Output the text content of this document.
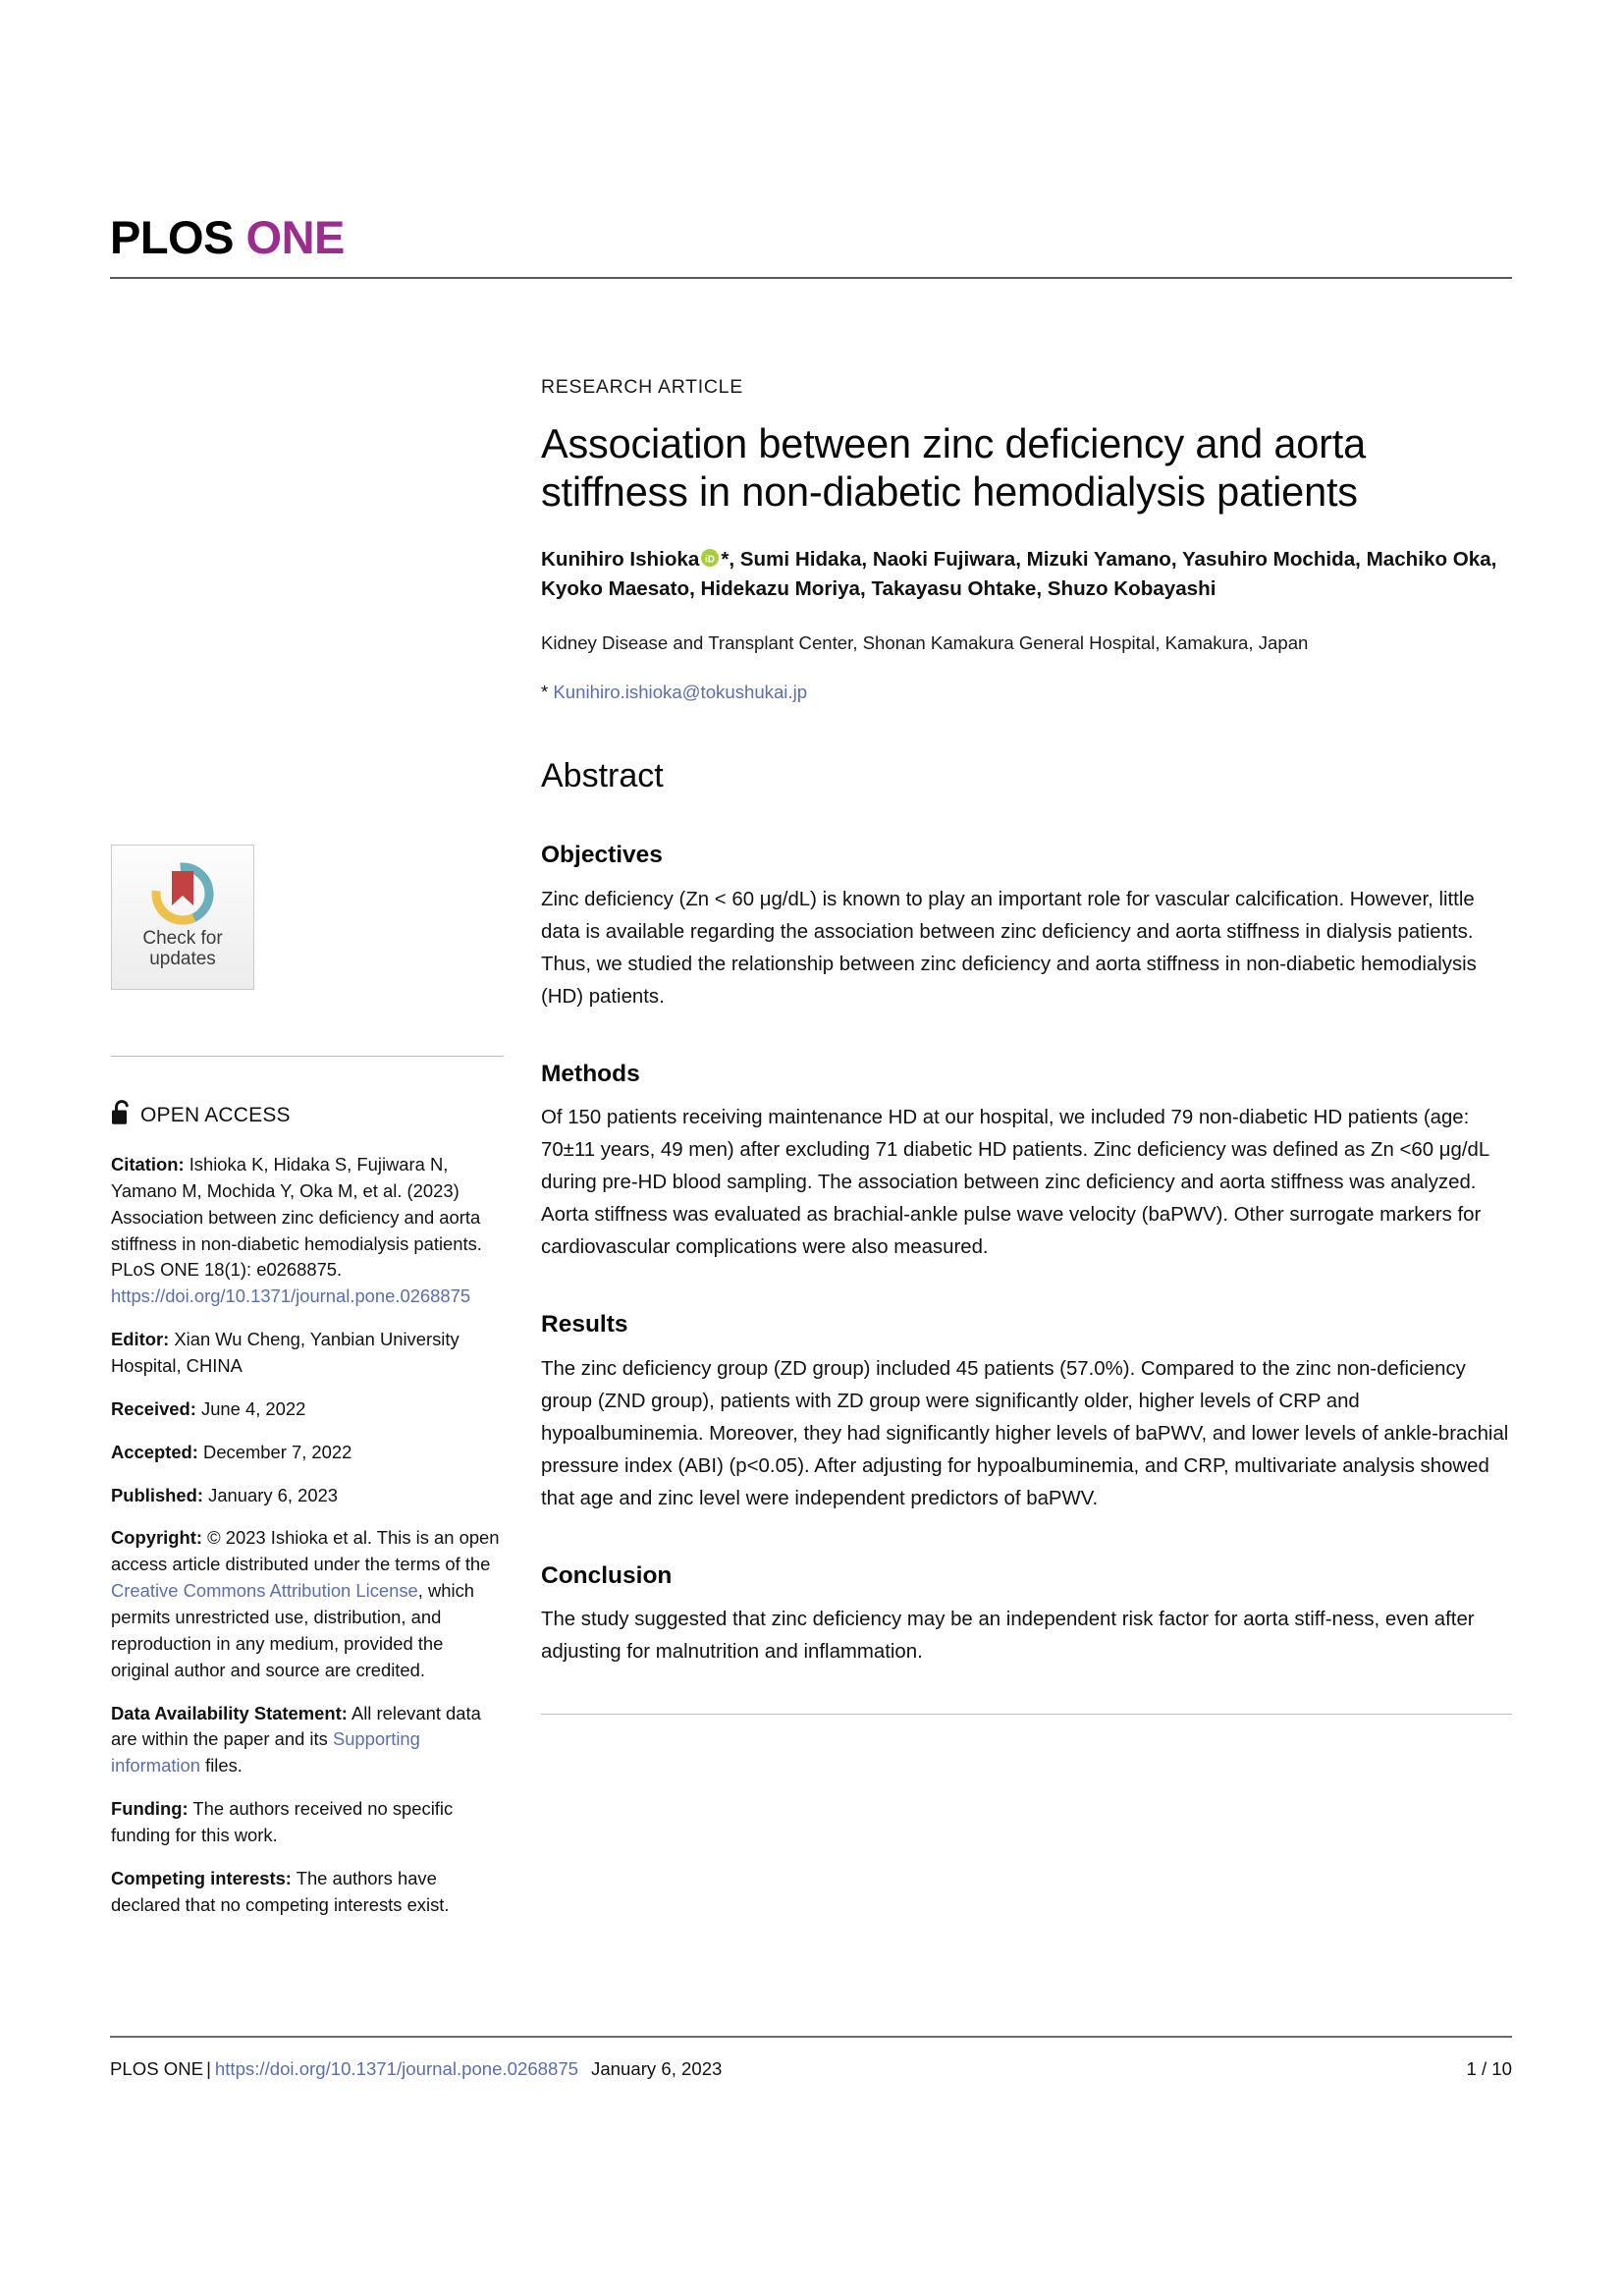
PLOS ONE
Check for
updates
OPEN ACCESS

Citation: Ishioka K, Hidaka S, Fujiwara N, Yamano M, Mochida Y, Oka M, et al. (2023) Association between zinc deficiency and aorta stiffness in non-diabetic hemodialysis patients. PLoS ONE 18(1): e0268875. https://doi.org/10.1371/journal.pone.0268875

Editor: Xian Wu Cheng, Yanbian University Hospital, CHINA

Received: June 4, 2022

Accepted: December 7, 2022

Published: January 6, 2023

Copyright: © 2023 Ishioka et al. This is an open access article distributed under the terms of the Creative Commons Attribution License, which permits unrestricted use, distribution, and reproduction in any medium, provided the original author and source are credited.

Data Availability Statement: All relevant data are within the paper and its Supporting information files.

Funding: The authors received no specific funding for this work.

Competing interests: The authors have declared that no competing interests exist.

RESEARCH ARTICLE
Association between zinc deficiency and aorta stiffness in non-diabetic hemodialysis patients
Kunihiro Ishioka iD *, Sumi Hidaka, Naoki Fujiwara, Mizuki Yamano, Yasuhiro Mochida, Machiko Oka, Kyoko Maesato, Hidekazu Moriya, Takayasu Ohtake, Shuzo Kobayashi
Kidney Disease and Transplant Center, Shonan Kamakura General Hospital, Kamakura, Japan
* Kunihiro.ishioka@tokushukai.jp
Abstract
Objectives

Zinc deficiency (Zn < 60 μg/dL) is known to play an important role for vascular calcification. However, little data is available regarding the association between zinc deficiency and aorta stiffness in dialysis patients. Thus, we studied the relationship between zinc deficiency and aorta stiffness in non-diabetic hemodialysis (HD) patients.

Methods

Of 150 patients receiving maintenance HD at our hospital, we included 79 non-diabetic HD patients (age: 70±11 years, 49 men) after excluding 71 diabetic HD patients. Zinc deficiency was defined as Zn <60 μg/dL during pre-HD blood sampling. The association between zinc deficiency and aorta stiffness was analyzed. Aorta stiffness was evaluated as brachial-ankle pulse wave velocity (baPWV). Other surrogate markers for cardiovascular complications were also measured.

Results

The zinc deficiency group (ZD group) included 45 patients (57.0%). Compared to the zinc non-deficiency group (ZND group), patients with ZD group were significantly older, higher levels of CRP and hypoalbuminemia. Moreover, they had significantly higher levels of baPWV, and lower levels of ankle-brachial pressure index (ABI) (p<0.05). After adjusting for hypoalbuminemia, and CRP, multivariate analysis showed that age and zinc level were independent predictors of baPWV.

Conclusion

The study suggested that zinc deficiency may be an independent risk factor for aorta stiff-ness, even after adjusting for malnutrition and inflammation.

PLOS ONE | https://doi.org/10.1371/journal.pone.0268875 January 6, 2023	1 / 10
